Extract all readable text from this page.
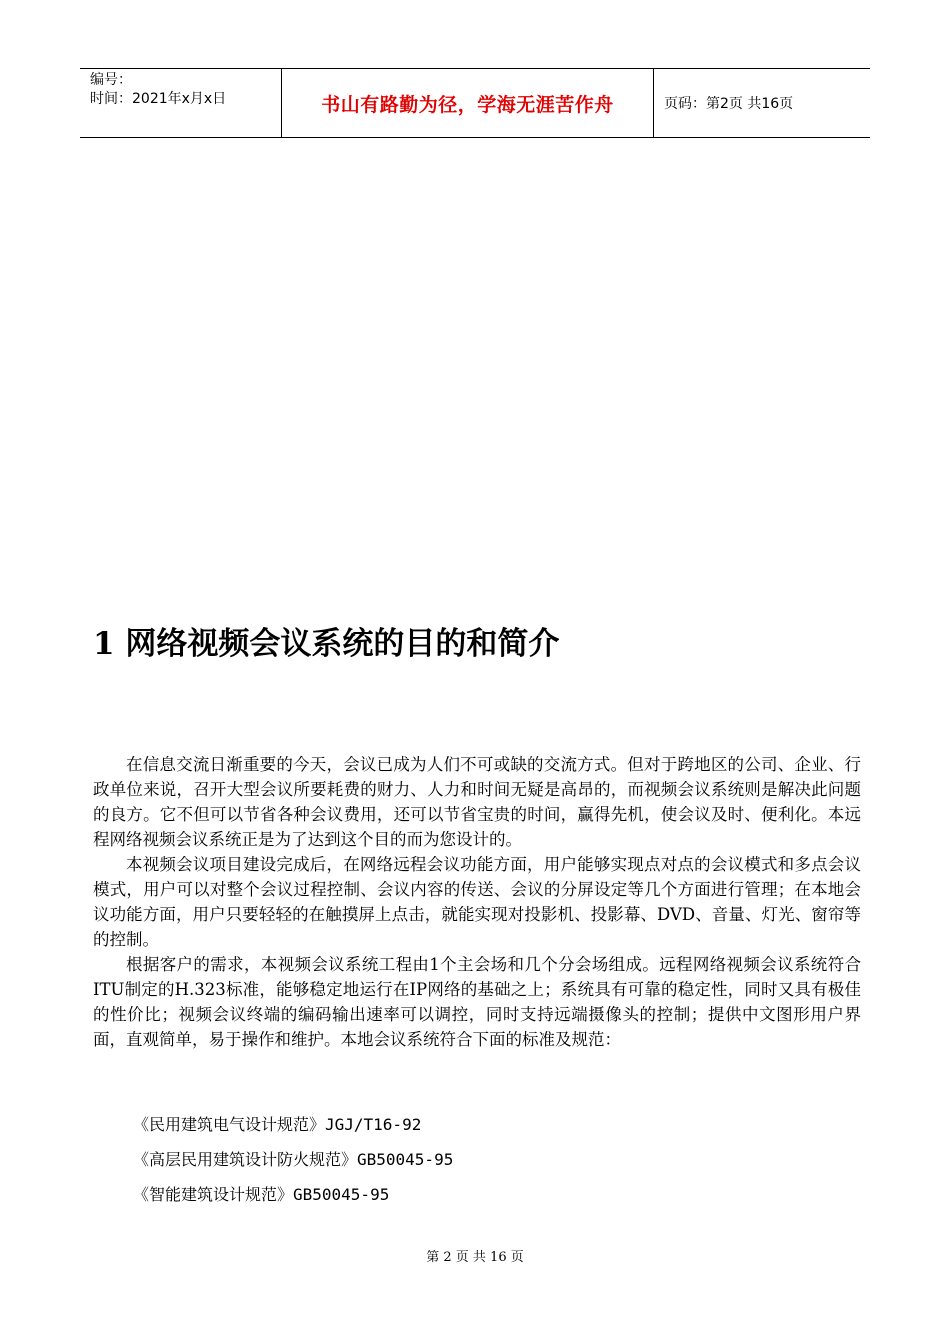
编号：
时间：2021年x月x日	书山有路勤为径，学海无涯苦作舟	页码：第2页 共16页
1 网络视频会议系统的目的和简介

在信息交流日渐重要的今天，会议已成为人们不可或缺的交流方式。但对于跨地区的公司、企业、行政单位来说，召开大型会议所要耗费的财力、人力和时间无疑是高昂的，而视频会议系统则是解决此问题的良方。它不但可以节省各种会议费用，还可以节省宝贵的时间，赢得先机，使会议及时、便利化。本远程网络视频会议系统正是为了达到这个目的而为您设计的。

本视频会议项目建设完成后，在网络远程会议功能方面，用户能够实现点对点的会议模式和多点会议模式，用户可以对整个会议过程控制、会议内容的传送、会议的分屏设定等几个方面进行管理；在本地会议功能方面，用户只要轻轻的在触摸屏上点击，就能实现对投影机、投影幕、DVD、音量、灯光、窗帘等的控制。

根据客户的需求，本视频会议系统工程由1个主会场和几个分会场组成。远程网络视频会议系统符合ITU制定的H.323标准，能够稳定地运行在IP网络的基础之上；系统具有可靠的稳定性，同时又具有极佳的性价比；视频会议终端的编码输出速率可以调控，同时支持远端摄像头的控制；提供中文图形用户界面，直观简单，易于操作和维护。本地会议系统符合下面的标准及规范：

《民用建筑电气设计规范》JGJ/T16-92
《高层民用建筑设计防火规范》GB50045-95
《智能建筑设计规范》GB50045-95
第 2 页 共 16 页
